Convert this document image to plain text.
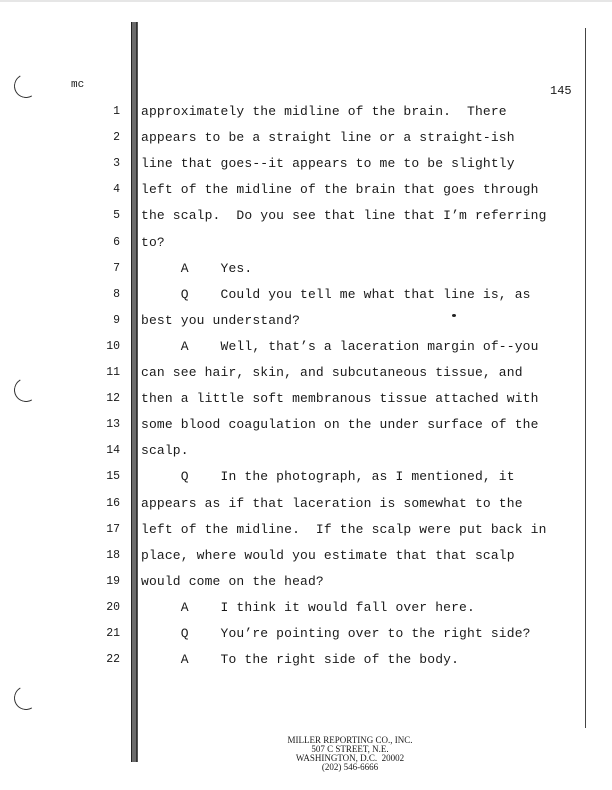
mc	145
1 approximately the midline of the brain.  There
2 appears to be a straight line or a straight-ish
3 line that goes--it appears to me to be slightly
4 left of the midline of the brain that goes through
5 the scalp.  Do you see that line that I’m referring
6 to?
7 A    Yes.
8 Q    Could you tell me what that line is, as
9 best you understand?
10 A    Well, that’s a laceration margin of--you
11 can see hair, skin, and subcutaneous tissue, and
12 then a little soft membranous tissue attached with
13 some blood coagulation on the under surface of the
14 scalp.
15 Q    In the photograph, as I mentioned, it
16 appears as if that laceration is somewhat to the
17 left of the midline.  If the scalp were put back in
18 place, where would you estimate that that scalp
19 would come on the head?
20 A    I think it would fall over here.
21 Q    You’re pointing over to the right side?
22 A    To the right side of the body.
MILLER REPORTING CO., INC.
507 C STREET, N.E.
WASHINGTON, D.C.  20002
(202) 546-6666
